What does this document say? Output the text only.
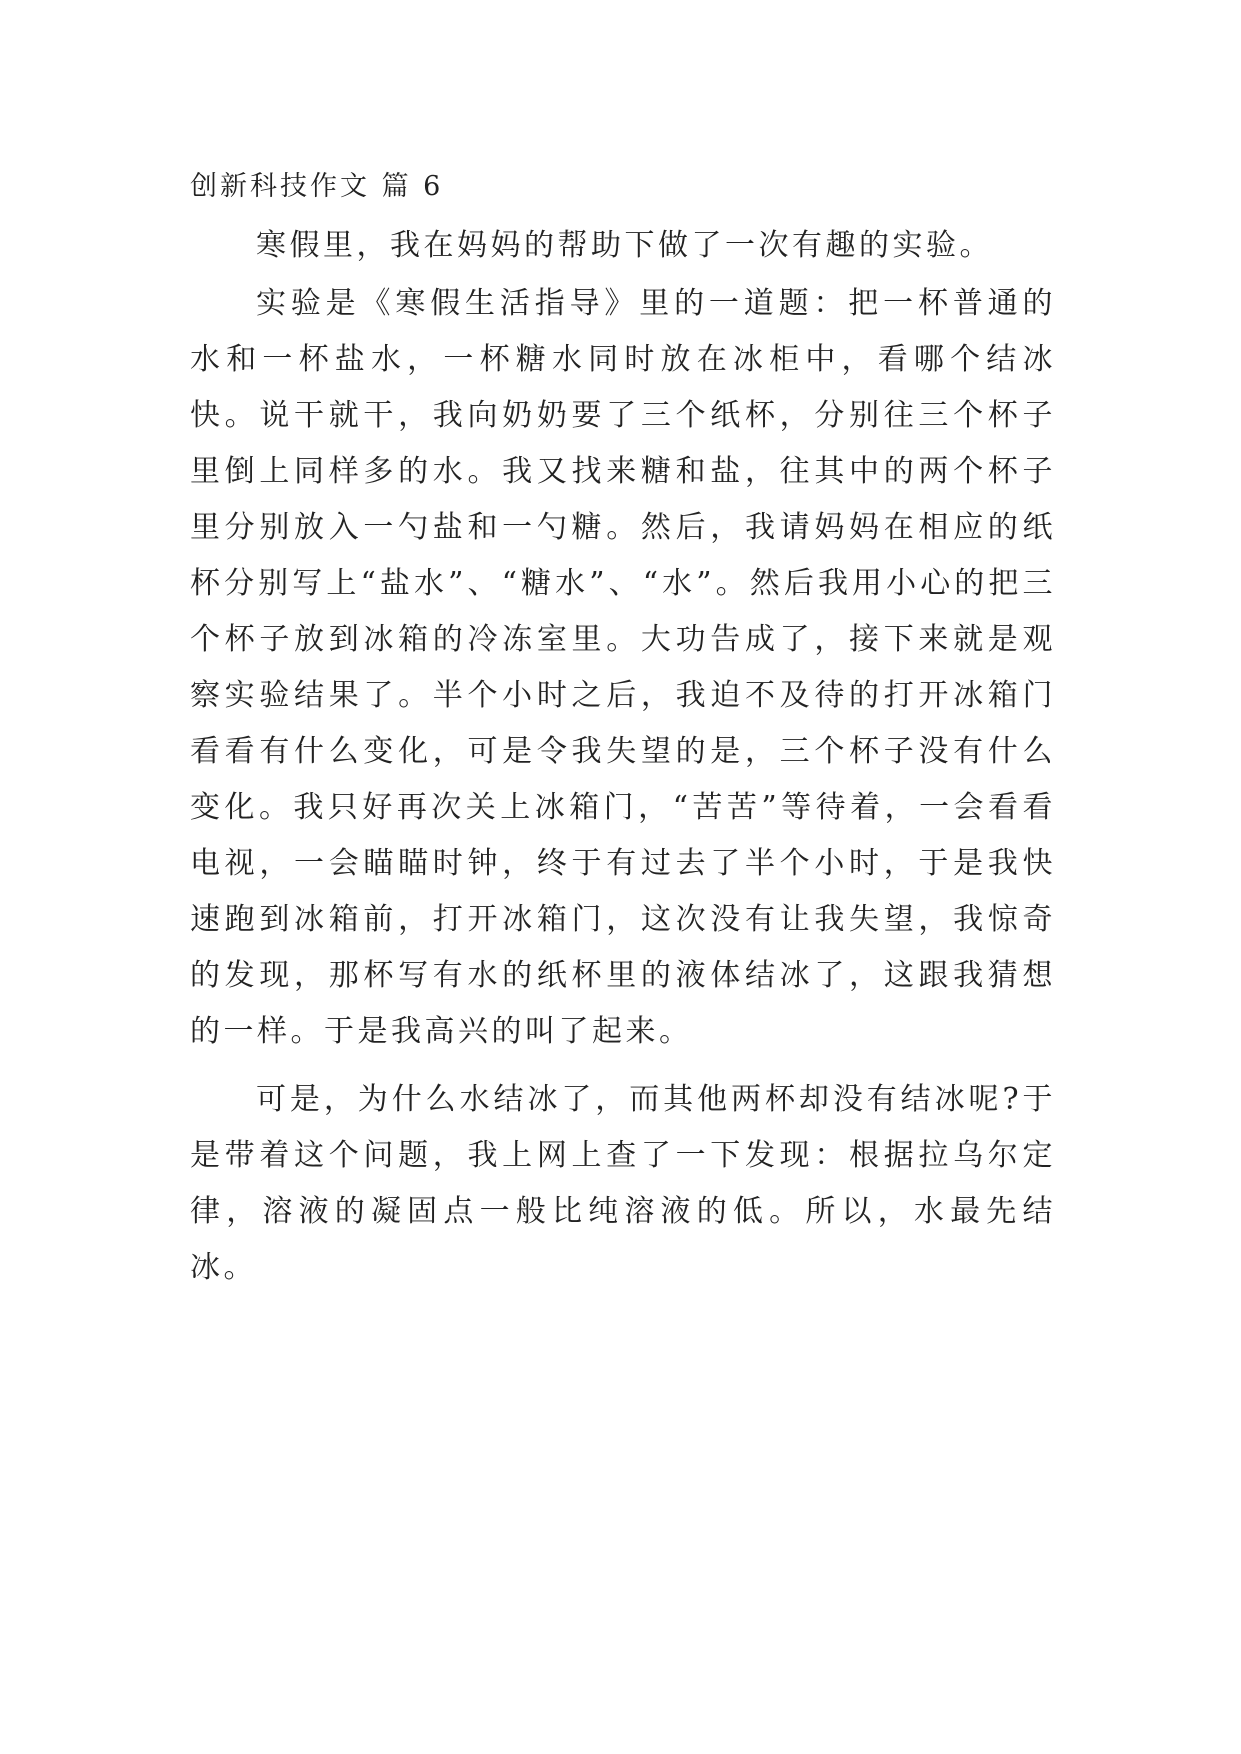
创新科技作文 篇 6

寒假里，我在妈妈的帮助下做了一次有趣的实验。

实验是《寒假生活指导》里的一道题：把一杯普通的水和一杯盐水，一杯糖水同时放在冰柜中，看哪个结冰快。说干就干，我向奶奶要了三个纸杯，分别往三个杯子里倒上同样多的水。我又找来糖和盐，往其中的两个杯子里分别放入一勺盐和一勺糖。然后，我请妈妈在相应的纸杯分别写上“盐水”、“糖水”、“水”。然后我用小心的把三个杯子放到冰箱的冷冻室里。大功告成了，接下来就是观察实验结果了。半个小时之后，我迫不及待的打开冰箱门看看有什么变化，可是令我失望的是，三个杯子没有什么变化。我只好再次关上冰箱门，“苦苦”等待着，一会看看电视，一会瞄瞄时钟，终于有过去了半个小时，于是我快速跑到冰箱前，打开冰箱门，这次没有让我失望，我惊奇的发现，那杯写有水的纸杯里的液体结冰了，这跟我猜想的一样。于是我高兴的叫了起来。

可是，为什么水结冰了，而其他两杯却没有结冰呢?于是带着这个问题，我上网上查了一下发现：根据拉乌尔定律，溶液的凝固点一般比纯溶液的低。所以，水最先结冰。
